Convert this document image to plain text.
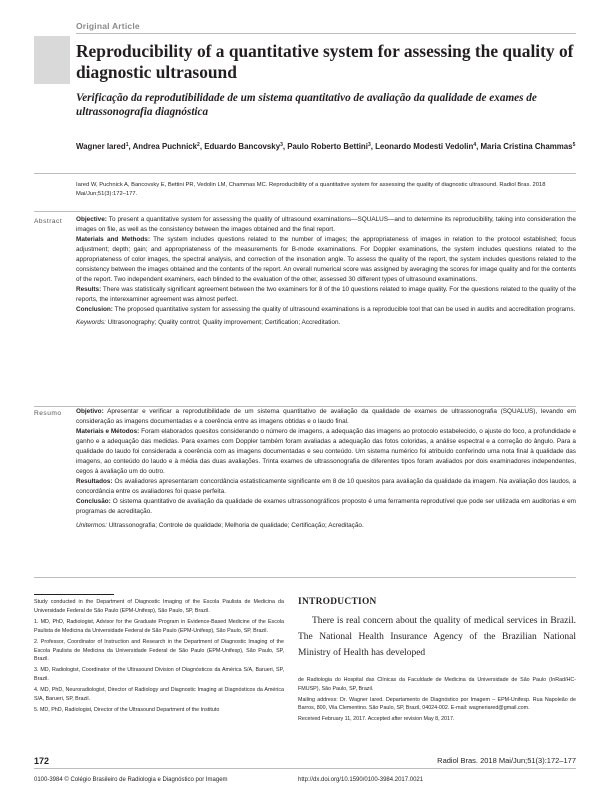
Original Article
Reproducibility of a quantitative system for assessing the quality of diagnostic ultrasound
Verificação da reprodutibilidade de um sistema quantitativo de avaliação da qualidade de exames de ultrassonografia diagnóstica
Wagner Iared$^1$, Andrea Puchnick$^2$, Eduardo Bancovsky$^3$, Paulo Roberto Bettini$^3$, Leonardo Modesti Vedolin$^4$, Maria Cristina Chammas$^5$
Iared W, Puchnick A, Bancovsky E, Bettini PR, Vedolin LM, Chammas MC. Reproducibility of a quantitative system for assessing the quality of diagnostic ultrasound. Radiol Bras. 2018 Mai/Jun;51(3):172–177.
Abstract Objective: To present a quantitative system for assessing the quality of ultrasound examinations—SQUALUS—and to determine its reproducibility, taking into consideration the images on file, as well as the consistency between the images obtained and the final report.

Materials and Methods: The system includes questions related to the number of images; the appropriateness of images in relation to the protocol established; focus adjustment; depth; gain; and appropriateness of the measurements for B-mode examinations. For Doppler examinations, the system includes questions related to the appropriateness of color images, the spectral analysis, and correction of the insonation angle. To assess the quality of the report, the system includes questions related to the consistency between the images obtained and the contents of the report. An overall numerical score was assigned by averaging the scores for image quality and for the contents of the report. Two independent examiners, each blinded to the evaluation of the other, assessed 30 different types of ultrasound examinations.

Results: There was statistically significant agreement between the two examiners for 8 of the 10 questions related to image quality. For the questions related to the quality of the reports, the interexaminer agreement was almost perfect.

Conclusion: The proposed quantitative system for assessing the quality of ultrasound examinations is a reproducible tool that can be used in audits and accreditation programs.

Keywords: Ultrasonography; Quality control; Quality improvement; Certification; Accreditation.

Resumo Objetivo: Apresentar e verificar a reprodutibilidade de um sistema quantitativo de avaliação da qualidade de exames de ultrassonografia (SQUALUS), levando em consideração as imagens documentadas e a coerência entre as imagens obtidas e o laudo final.

Materiais e Métodos: Foram elaborados quesitos considerando o número de imagens, a adequação das imagens ao protocolo estabelecido, o ajuste do foco, a profundidade e ganho e a adequação das medidas. Para exames com Doppler também foram avaliadas a adequação das fotos coloridas, a análise espectral e a correção do ângulo. Para a qualidade do laudo foi considerada a coerência com as imagens documentadas e seu conteúdo. Um sistema numérico foi atribuído conferindo uma nota final à qualidade das imagens, ao conteúdo do laudo e à média das duas avaliações. Trinta exames de ultrassonografia de diferentes tipos foram avaliados por dois examinadores independentes, cegos à avaliação um do outro.

Resultados: Os avaliadores apresentaram concordância estatisticamente significante em 8 de 10 quesitos para avaliação da qualidade da imagem. Na avaliação dos laudos, a concordância entre os avaliadores foi quase perfeita.

Conclusão: O sistema quantitativo de avaliação da qualidade de exames ultrassonográficos proposto é uma ferramenta reprodutível que pode ser utilizada em auditorias e em programas de acreditação.

Unitermos: Ultrassonografia; Controle de qualidade; Melhoria de qualidade; Certificação; Acreditação.

Study conducted in the Department of Diagnostic Imaging of the Escola Paulista de Medicina da Universidade Federal de São Paulo (EPM-Unifesp), São Paulo, SP, Brazil.

1. MD, PhD, Radiologist, Advisor for the Graduate Program in Evidence-Based Medicine of the Escola Paulista de Medicina da Universidade Federal de São Paulo (EPM-Unifesp), São Paulo, SP, Brazil.

2. Professor, Coordinator of Instruction and Research in the Department of Diagnostic Imaging of the Escola Paulista de Medicina da Universidade Federal de São Paulo (EPM-Unifesp), São Paulo, SP, Brazil.

3. MD, Radiologist, Coordinator of the Ultrasound Division of Diagnósticos da América S/A, Barueri, SP, Brazil.

4. MD, PhD, Neuroradiologist, Director of Radiology and Diagnostic Imaging at Diagnósticos da América S/A, Barueri, SP, Brazil.

5. MD, PhD, Radiologist, Director of the Ultrasound Department of the Instituto

INTRODUCTION
There is real concern about the quality of medical services in Brazil. The National Health Insurance Agency of the Brazilian National Ministry of Health has developed

de Radiologia do Hospital das Clínicas da Faculdade de Medicina da Universidade de São Paulo (InRad/HC-FMUSP), São Paulo, SP, Brazil.

Mailing address: Dr. Wagner Iared. Departamento de Diagnóstico por Imagem – EPM-Unifesp. Rua Napoleão de Barros, 800, Vila Clementino. São Paulo, SP, Brazil, 04024-002. E-mail: wagneriared@gmail.com.

Received February 11, 2017. Accepted after revision May 8, 2017.

172	Radiol Bras. 2018 Mai/Jun;51(3):172–177
0100-3984 © Colégio Brasileiro de Radiologia e Diagnóstico por Imagem	http://dx.doi.org/10.1590/0100-3984.2017.0021
